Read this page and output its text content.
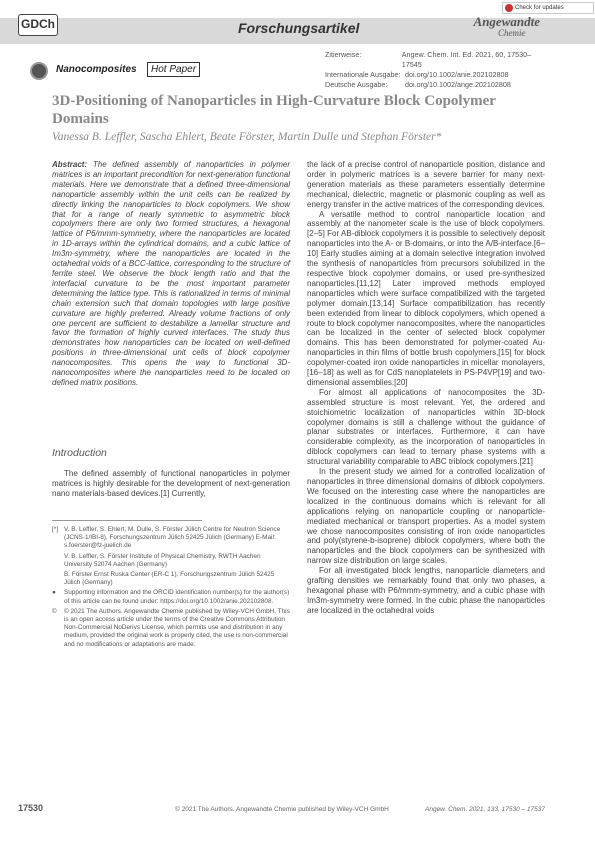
Check for updates
GDCh	Forschungsartikel	Angewandte
Chemie
Zitierweise:	Angew. Chem. Int. Ed. 2021, 60, 17530–17545
Internationale Ausgabe: doi.org/10.1002/anie.202102808
Deutsche Ausgabe:	doi.org/10.1002/ange.202102808
Nanocomposites	Hot Paper
3D-Positioning of Nanoparticles in High-Curvature Block Copolymer Domains
Vanessa B. Leffler, Sascha Ehlert, Beate Förster, Martin Dulle und Stephan Förster*
Abstract: The defined assembly of nanoparticles in polymer matrices is an important precondition for next-generation functional materials. Here we demonstrate that a defined three-dimensional nanoparticle assembly within the unit cells can be realized by directly linking the nanoparticles to block copolymers. We show that for a range of nearly symmetric to asymmetric block copolymers there are only two formed structures, a hexagonal lattice of P6/mmm-symmetry, where the nanoparticles are located in 1D-arrays within the cylindrical domains, and a cubic lattice of Im3m-symmetry, where the nanoparticles are located in the octahedral voids of a BCC-lattice, corresponding to the structure of ferrite steel. We observe the block length ratio and that the interfacial curvature to be the most important parameter determining the lattice type. This is rationalized in terms of minimal chain extension such that domain topologies with large positive curvature are highly preferred. Already volume fractions of only one percent are sufficient to destabilize a lamellar structure and favor the formation of highly curved interfaces. The study thus demonstrates how nanoparticles can be located on well-defined positions in three-dimensional unit cells of block copolymer nanocomposites. This opens the way to functional 3D-nanocomposites where the nanoparticles need to be located on defined matrix positions.
Introduction
The defined assembly of functional nanoparticles in polymer matrices is highly desirable for the development of next-generation nano materials-based devices.[1] Currently,

[*] V. B. Leffler, S. Ehlert, M. Dulle, S. Förster Jülich Centre for Neutron Science (JCNS-1/IBI-8), Forschungszentrum Jülich 52425 Jülich (Germany) E-Mail: s.foerster@fz-juelich.de

V. B. Leffler, S. Förster Institute of Physical Chemistry, RWTH Aachen University 52074 Aachen (Germany)

B. Förster Ernst Ruska Center (ER-C 1), Forschungszentrum Jülich 52425 Jülich (Germany)

● Supporting information and the ORCID identification number(s) for the author(s) of this article can be found under: https://doi.org/10.1002/anie.202102808.

© © 2021 The Authors. Angewandte Chemie published by Wiley-VCH GmbH. This is an open access article under the terms of the Creative Commons Attribution Non-Commercial NoDerivs License, which permits use and distribution in any medium, provided the original work is properly cited, the use is non-commercial and no modifications or adaptations are made.

the lack of a precise control of nanoparticle position, distance and order in polymeric matrices is a severe barrier for many next-generation materials as these parameters essentially determine mechanical, dielectric, magnetic or plasmonic coupling as well as energy transfer in the active matrices of the corresponding devices.

A versatile method to control nanoparticle location and assembly at the nanometer scale is the use of block copolymers.[2–5] For AB-diblock copolymers it is possible to selectively deposit nanoparticles into the A- or B-domains, or into the A/B-interface.[6–10] Early studies aiming at a domain selective integration involved the synthesis of nanoparticles from precursors solubilized in the respective block copolymer domains, or used pre-synthesized nanoparticles.[11,12] Later improved methods employed nanoparticles which were surface compatibilized with the targeted polymer domain.[13,14] Surface compatibilization has recently been extended from linear to diblock copolymers, which opened a route to block copolymer nanocomposites, where the nanoparticles can be localized in the center of selected block copolymer domains. This has been demonstrated for polymer-coated Au-nanoparticles in thin films of bottle brush copolymers,[15] for block copolymer-coated iron oxide nanoparticles in micellar monolayers,[16–18] as well as for CdS nanoplatelets in PS-P4VP[19] and two-dimensional assemblies.[20]

For almost all applications of nanocomposites the 3D-assembled structure is most relevant. Yet, the ordered and stoichiometric localization of nanoparticles within 3D-block copolymer domains is still a challenge without the guidance of planar substrates or interfaces. Furthermore, it can have considerable complexity, as the incorporation of nanoparticles in diblock copolymers can lead to ternary phase systems with a structural variability comparable to ABC triblock copolymers.[21]

In the present study we aimed for a controlled localization of nanoparticles in three dimensional domains of diblock copolymers. We focused on the interesting case where the nanoparticles are localized in the continuous domains which is relevant for all applications relying on nanoparticle coupling or nanoparticle-mediated mechanical or transport properties. As a model system we chose nanocomposites consisting of iron oxide nanoparticles and poly(styrene-b-isoprene) diblock copolymers, where both the nanoparticles and the block copolymers can be synthesized with narrow size distribution on large scales.

For all investigated block lengths, nanoparticle diameters and grafting densities we remarkably found that only two phases, a hexagonal phase with P6/mmm-symmetry, and a cubic phase with Im3m-symmetry were formed. In the cubic phase the nanoparticles are localized in the octahedral voids

17530	© 2021 The Authors. Angewandte Chemie published by Wiley-VCH GmbH	Angew. Chem. 2021, 133, 17530 – 17537
